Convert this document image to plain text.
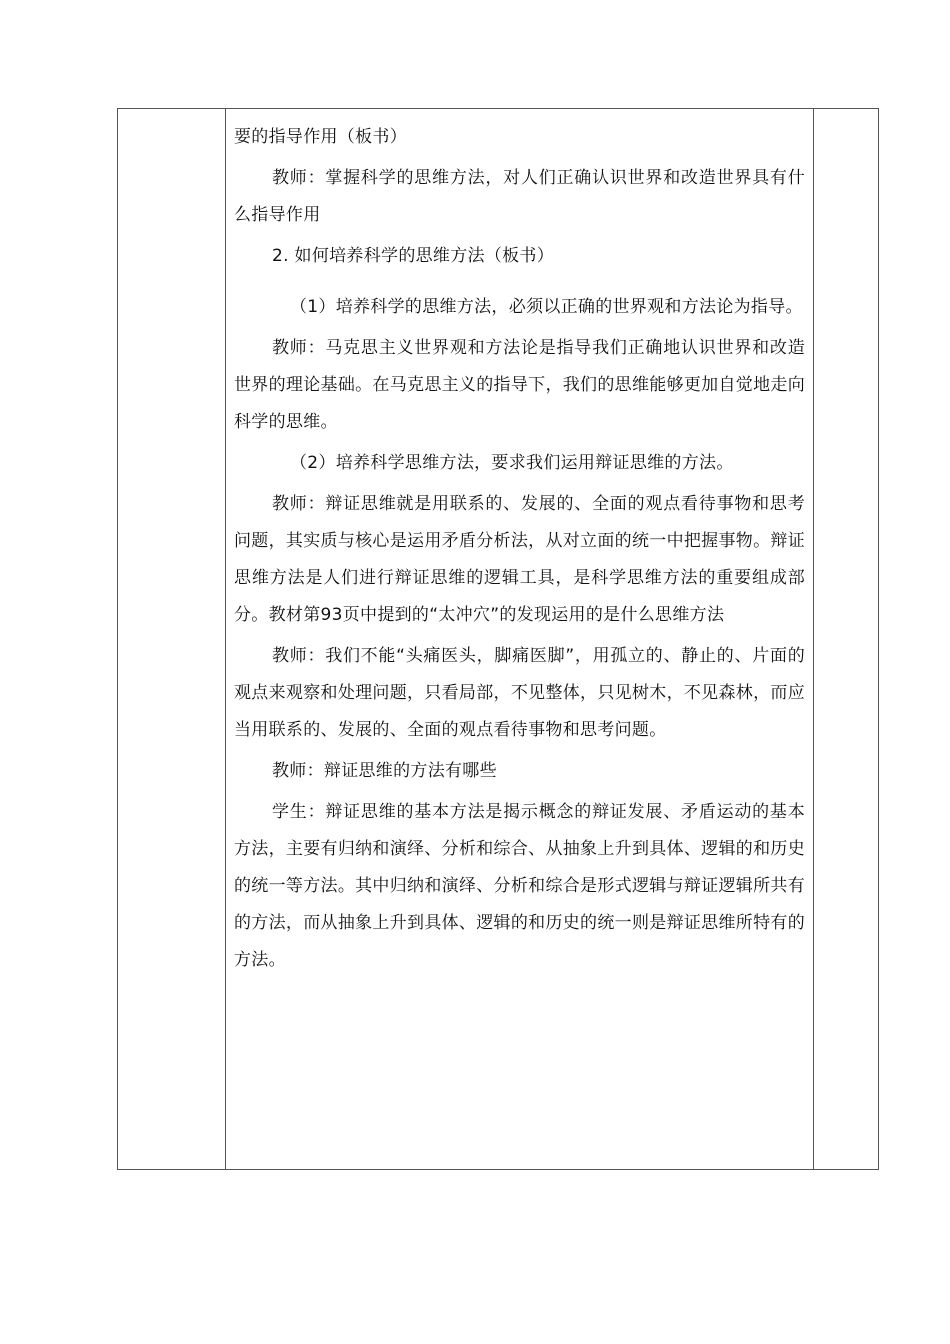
要的指导作用（板书）

教师：掌握科学的思维方法，对人们正确认识世界和改造世界具有什么指导作用

2. 如何培养科学的思维方法（板书）

（1）培养科学的思维方法，必须以正确的世界观和方法论为指导。

教师：马克思主义世界观和方法论是指导我们正确地认识世界和改造世界的理论基础。在马克思主义的指导下，我们的思维能够更加自觉地走向科学的思维。

（2）培养科学思维方法，要求我们运用辩证思维的方法。

教师：辩证思维就是用联系的、发展的、全面的观点看待事物和思考问题，其实质与核心是运用矛盾分析法，从对立面的统一中把握事物。辩证思维方法是人们进行辩证思维的逻辑工具，是科学思维方法的重要组成部分。教材第93页中提到的“太冲穴”的发现运用的是什么思维方法

教师：我们不能“头痛医头，脚痛医脚”，用孤立的、静止的、片面的观点来观察和处理问题，只看局部，不见整体，只见树木，不见森林，而应当用联系的、发展的、全面的观点看待事物和思考问题。

教师：辩证思维的方法有哪些

学生：辩证思维的基本方法是揭示概念的辩证发展、矛盾运动的基本方法，主要有归纳和演绎、分析和综合、从抽象上升到具体、逻辑的和历史的统一等方法。其中归纳和演绎、分析和综合是形式逻辑与辩证逻辑所共有的方法，而从抽象上升到具体、逻辑的和历史的统一则是辩证思维所特有的方法。
